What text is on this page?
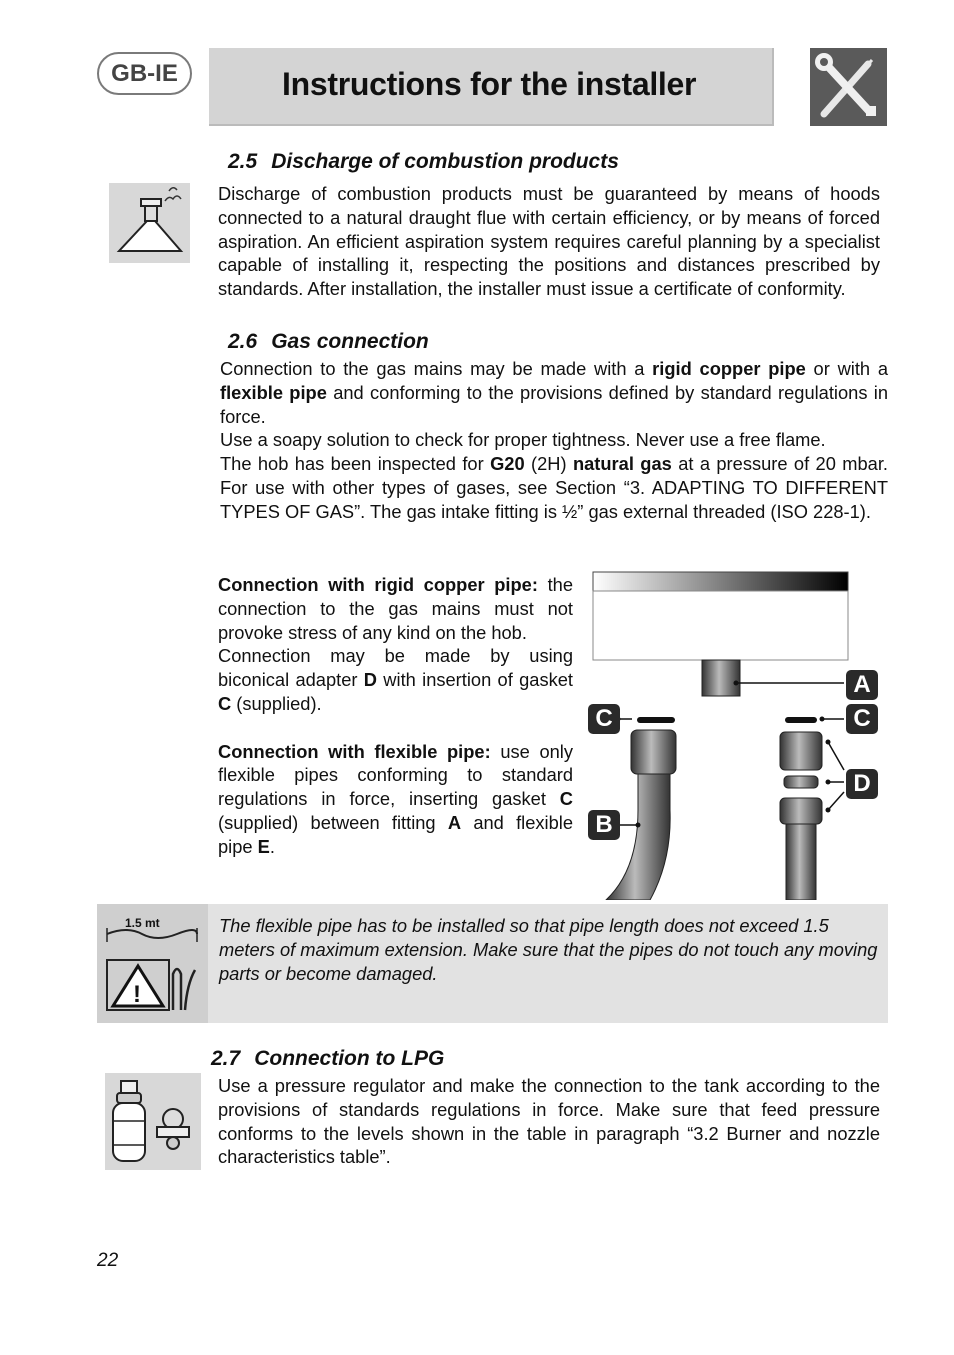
GB-IE	Instructions for the installer
2.5 Discharge of combustion products

Discharge of combustion products must be guaranteed by means of hoods connected to a natural draught flue with certain efficiency, or by means of forced aspiration. An efficient aspiration system requires careful planning by a specialist capable of installing it, respecting the positions and distances prescribed by standards. After installation, the installer must issue a certificate of conformity.

2.6 Gas connection

Connection to the gas mains may be made with a rigid copper pipe or with a flexible pipe and conforming to the provisions defined by standard regulations in force.

Use a soapy solution to check for proper tightness. Never use a free flame.

The hob has been inspected for G20 (2H) natural gas at a pressure of 20 mbar. For use with other types of gases, see Section “3. ADAPTING TO DIFFERENT TYPES OF GAS”. The gas intake fitting is ½” gas external threaded (ISO 228-1).

Connection with rigid copper pipe: the connection to the gas mains must not provoke stress of any kind on the hob.

Connection may be made by using biconical adapter D with insertion of gasket C (supplied).

Connection with flexible pipe: use only flexible pipes conforming to standard regulations in force, inserting gasket C (supplied) between fitting A and flexible pipe E.

A
C	C
D
B
1.5 mt
!

The flexible pipe has to be installed so that pipe length does not exceed 1.5 meters of maximum extension. Make sure that the pipes do not touch any moving parts or become damaged.

2.7 Connection to LPG

Use a pressure regulator and make the connection to the tank according to the provisions of standards regulations in force. Make sure that feed pressure conforms to the levels shown in the table in paragraph “3.2 Burner and nozzle characteristics table”.

22
